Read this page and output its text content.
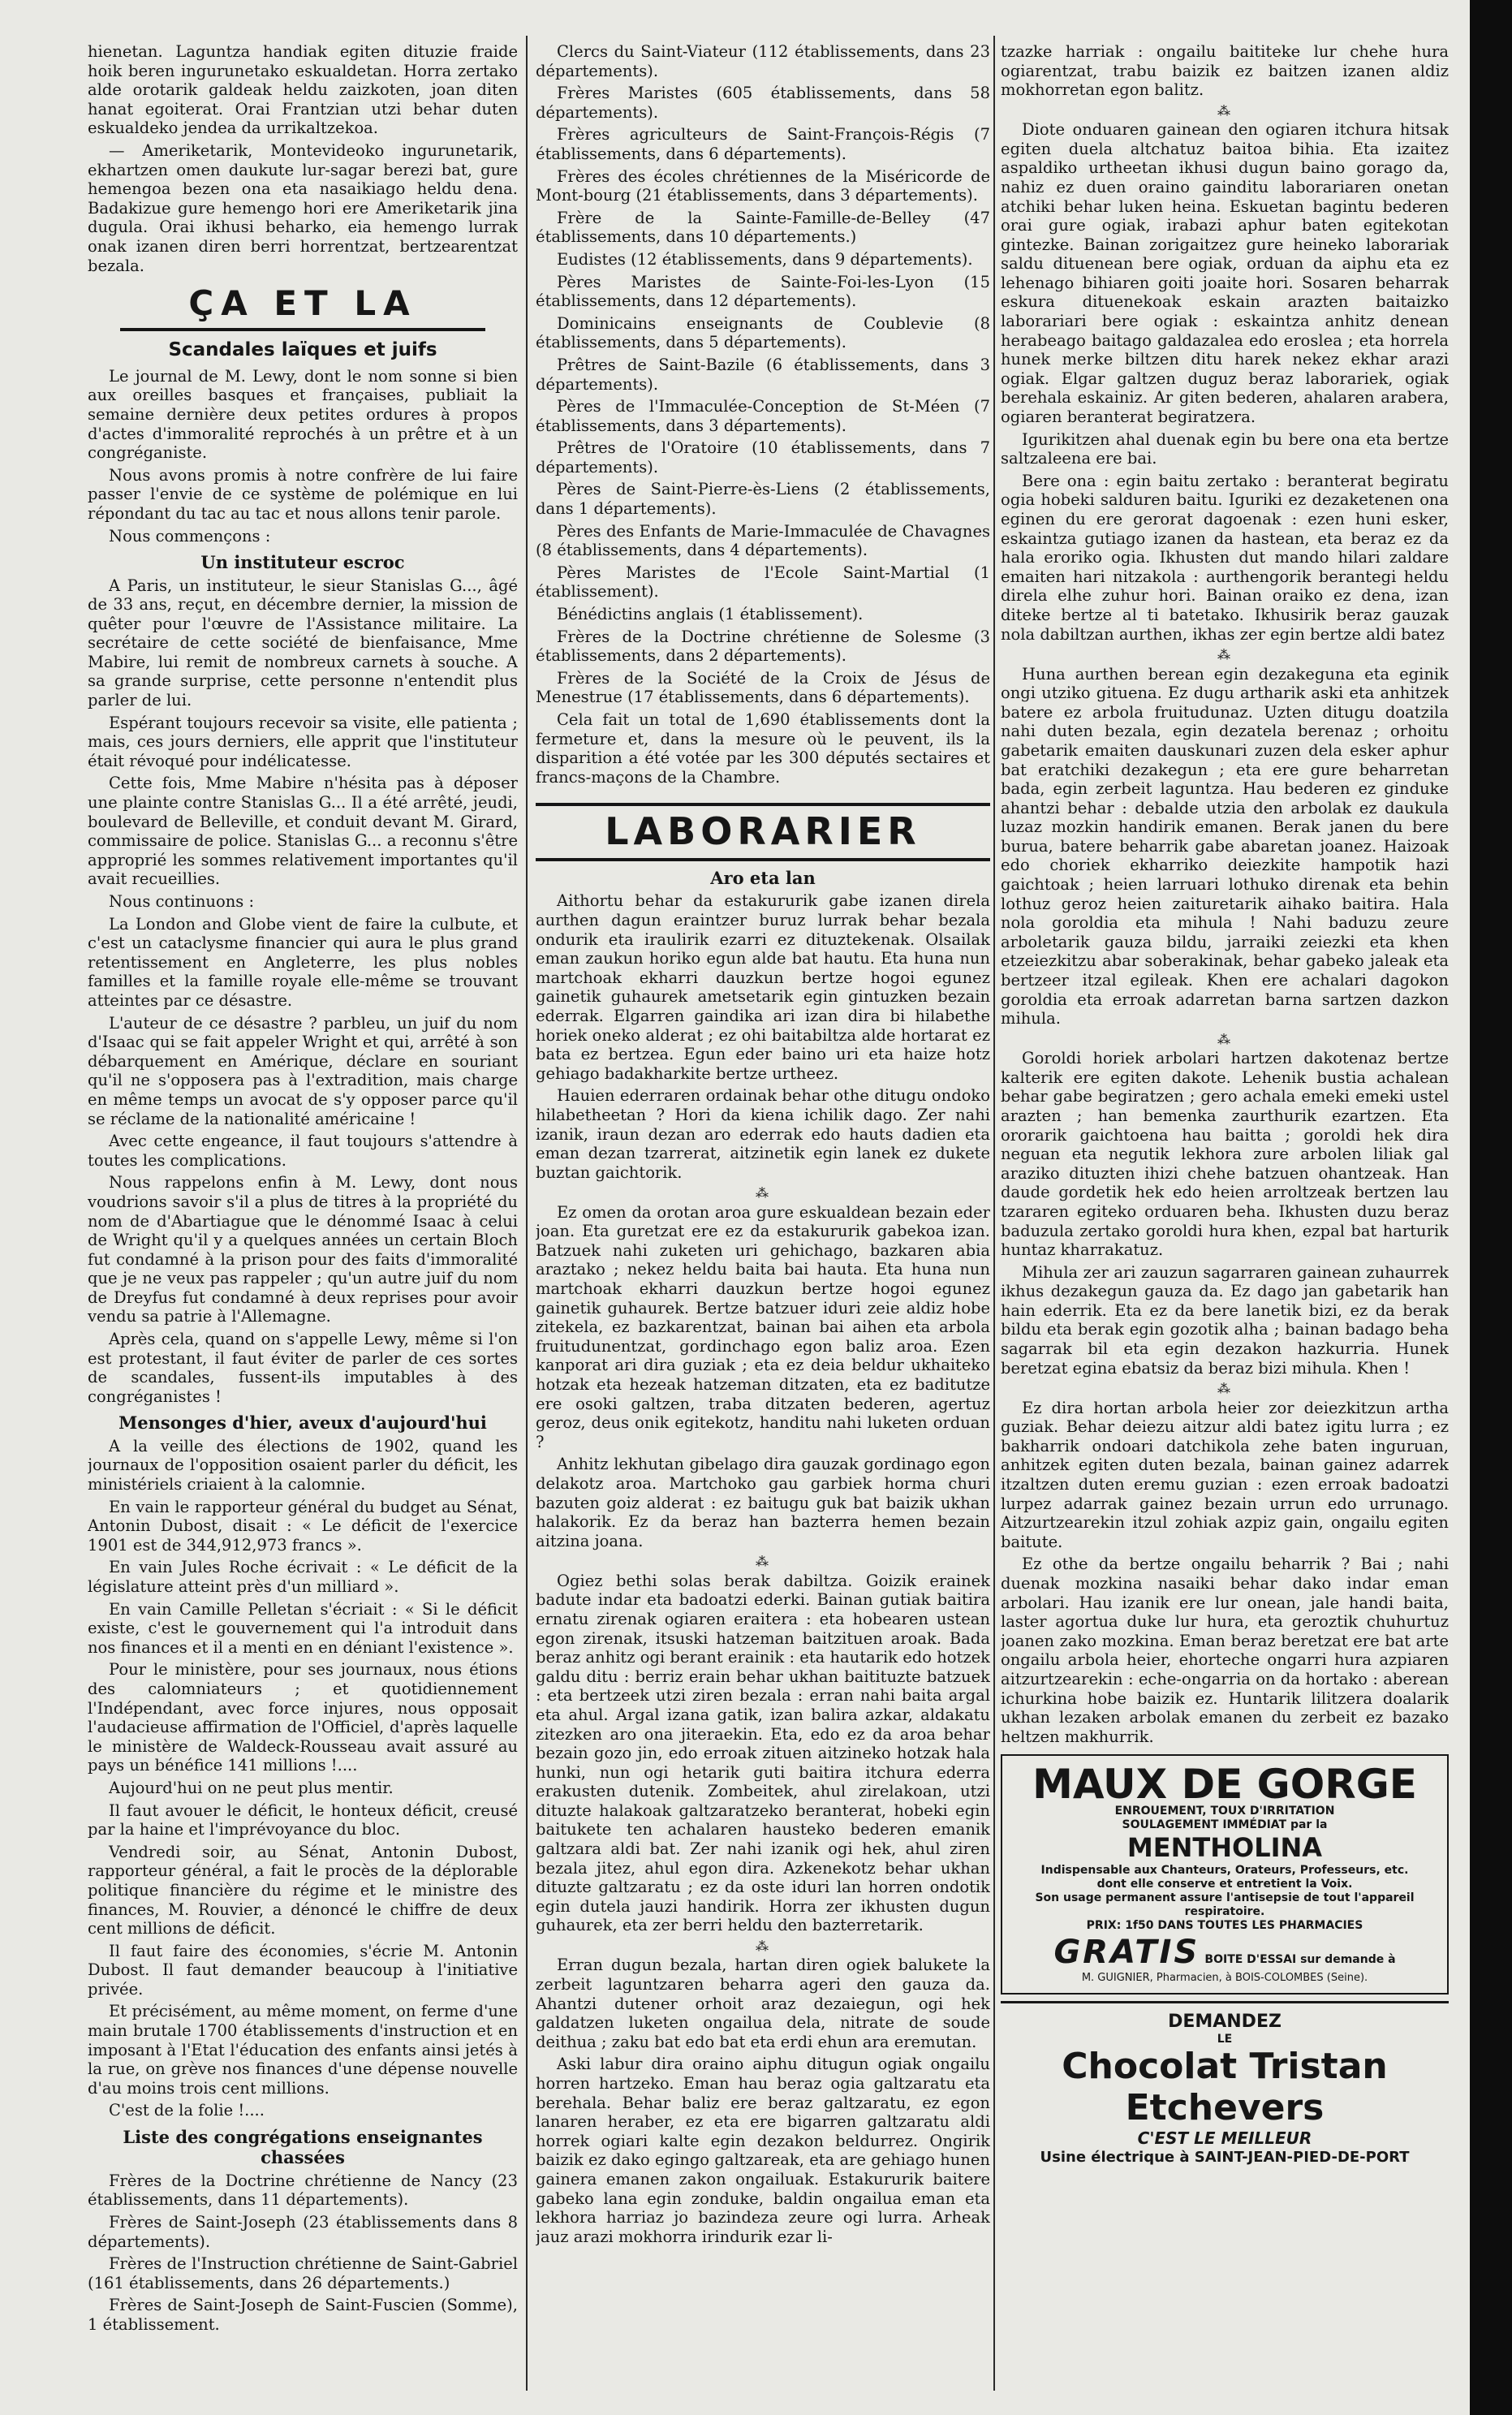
hienetan. Laguntza handiak egiten dituzie fraide hoik beren ingurunetako eskualdetan. Horra zertako alde orotarik galdeak heldu zaizkoten, joan diten hanat egoiterat. Orai Frantzian utzi behar duten eskualdeko jendea da urrikaltzekoa.

— Ameriketarik, Montevideoko ingurunetarik, ekhartzen omen daukute lur-sagar berezi bat, gure hemengoa bezen ona eta nasaikiago heldu dena. Badakizue gure hemengo hori ere Ameriketarik jina dugula. Orai ikhusi beharko, eia hemengo lurrak onak izanen diren berri horrentzat, bertzearentzat bezala.

ÇA ET LA
Scandales laïques et juifs

Le journal de M. Lewy, dont le nom sonne si bien aux oreilles basques et françaises, publiait la semaine dernière deux petites ordures à propos d'actes d'immoralité reprochés à un prêtre et à un congréganiste.

Nous avons promis à notre confrère de lui faire passer l'envie de ce système de polémique en lui répondant du tac au tac et nous allons tenir parole.

Nous commençons :

Un instituteur escroc

A Paris, un instituteur, le sieur Stanislas G..., âgé de 33 ans, reçut, en décembre dernier, la mission de quêter pour l'œuvre de l'Assistance militaire. La secrétaire de cette société de bienfaisance, Mme Mabire, lui remit de nombreux carnets à souche. A sa grande surprise, cette personne n'entendit plus parler de lui.

Espérant toujours recevoir sa visite, elle patienta ; mais, ces jours derniers, elle apprit que l'instituteur était révoqué pour indélicatesse.

Cette fois, Mme Mabire n'hésita pas à déposer une plainte contre Stanislas G... Il a été arrêté, jeudi, boulevard de Belleville, et conduit devant M. Girard, commissaire de police. Stanislas G... a reconnu s'être approprié les sommes relativement importantes qu'il avait recueillies.

Nous continuons :

La London and Globe vient de faire la culbute, et c'est un cataclysme financier qui aura le plus grand retentissement en Angleterre, les plus nobles familles et la famille royale elle-même se trouvant atteintes par ce désastre.

L'auteur de ce désastre ? parbleu, un juif du nom d'Isaac qui se fait appeler Wright et qui, arrêté à son débarquement en Amérique, déclare en souriant qu'il ne s'opposera pas à l'extradition, mais charge en même temps un avocat de s'y opposer parce qu'il se réclame de la nationalité américaine !

Avec cette engeance, il faut toujours s'attendre à toutes les complications.

Nous rappelons enfin à M. Lewy, dont nous voudrions savoir s'il a plus de titres à la propriété du nom de d'Abartiague que le dénommé Isaac à celui de Wright qu'il y a quelques années un certain Bloch fut condamné à la prison pour des faits d'immoralité que je ne veux pas rappeler ; qu'un autre juif du nom de Dreyfus fut condamné à deux reprises pour avoir vendu sa patrie à l'Allemagne.

Après cela, quand on s'appelle Lewy, même si l'on est protestant, il faut éviter de parler de ces sortes de scandales, fussent-ils imputables à des congréganistes !

Mensonges d'hier, aveux d'aujourd'hui

A la veille des élections de 1902, quand les journaux de l'opposition osaient parler du déficit, les ministériels criaient à la calomnie.

En vain le rapporteur général du budget au Sénat, Antonin Dubost, disait : « Le déficit de l'exercice 1901 est de 344,912,973 francs ».

En vain Jules Roche écrivait : « Le déficit de la législature atteint près d'un milliard ».

En vain Camille Pelletan s'écriait : « Si le déficit existe, c'est le gouvernement qui l'a introduit dans nos finances et il a menti en en déniant l'existence ».

Pour le ministère, pour ses journaux, nous étions des calomniateurs ; et quotidiennement l'Indépendant, avec force injures, nous opposait l'audacieuse affirmation de l'Officiel, d'après laquelle le ministère de Waldeck-Rousseau avait assuré au pays un bénéfice 141 millions !....

Aujourd'hui on ne peut plus mentir.

Il faut avouer le déficit, le honteux déficit, creusé par la haine et l'imprévoyance du bloc.

Vendredi soir, au Sénat, Antonin Dubost, rapporteur général, a fait le procès de la déplorable politique financière du régime et le ministre des finances, M. Rouvier, a dénoncé le chiffre de deux cent millions de déficit.

Il faut faire des économies, s'écrie M. Antonin Dubost. Il faut demander beaucoup à l'initiative privée.

Et précisément, au même moment, on ferme d'une main brutale 1700 établissements d'instruction et en imposant à l'Etat l'éducation des enfants ainsi jetés à la rue, on grève nos finances d'une dépense nouvelle d'au moins trois cent millions.

C'est de la folie !....

Liste des congrégations enseignantes chassées

Frères de la Doctrine chrétienne de Nancy (23 établissements, dans 11 départements).

Frères de Saint-Joseph (23 établissements dans 8 départements).

Frères de l'Instruction chrétienne de Saint-Gabriel (161 établissements, dans 26 départements.)

Frères de Saint-Joseph de Saint-Fuscien (Somme), 1 établissement.

Clercs du Saint-Viateur (112 établissements, dans 23 départements).

Frères Maristes (605 établissements, dans 58 départements).

Frères agriculteurs de Saint-François-Régis (7 établissements, dans 6 départements).

Frères des écoles chrétiennes de la Miséricorde de Mont-bourg (21 établissements, dans 3 départements).

Frère de la Sainte-Famille-de-Belley (47 établissements, dans 10 départements.)

Eudistes (12 établissements, dans 9 départements).

Pères Maristes de Sainte-Foi-les-Lyon (15 établissements, dans 12 départements).

Dominicains enseignants de Coublevie (8 établissements, dans 5 départements).

Prêtres de Saint-Bazile (6 établissements, dans 3 départements).

Pères de l'Immaculée-Conception de St-Méen (7 établissements, dans 3 départements).

Prêtres de l'Oratoire (10 établissements, dans 7 départements).

Pères de Saint-Pierre-ès-Liens (2 établissements, dans 1 départements).

Pères des Enfants de Marie-Immaculée de Chavagnes (8 établissements, dans 4 départements).

Pères Maristes de l'Ecole Saint-Martial (1 établissement).

Bénédictins anglais (1 établissement).

Frères de la Doctrine chrétienne de Solesme (3 établissements, dans 2 départements).

Frères de la Société de la Croix de Jésus de Menestrue (17 établissements, dans 6 départements).

Cela fait un total de 1,690 établissements dont la fermeture et, dans la mesure où le peuvent, ils la disparition a été votée par les 300 députés sectaires et francs-maçons de la Chambre.

LABORARIER
Aro eta lan

Aithortu behar da estakururik gabe izanen direla aurthen dagun eraintzer buruz lurrak behar bezala ondurik eta iraulirik ezarri ez dituztekenak. Olsailak eman zaukun horiko egun alde bat hautu. Eta huna nun martchoak ekharri dauzkun bertze hogoi egunez gainetik guhaurek ametsetarik egin gintuzken bezain ederrak. Elgarren gaindika ari izan dira bi hilabethe horiek oneko alderat ; ez ohi baitabiltza alde hortarat ez bata ez bertzea. Egun eder baino uri eta haize hotz gehiago badakharkite bertze urtheez.

Hauien ederraren ordainak behar othe ditugu ondoko hilabetheetan ? Hori da kiena ichilik dago. Zer nahi izanik, iraun dezan aro ederrak edo hauts dadien eta eman dezan tzarrerat, aitzinetik egin lanek ez dukete buztan gaichtorik.

⁂

Ez omen da orotan aroa gure eskualdean bezain eder joan. Eta guretzat ere ez da estakururik gabekoa izan. Batzuek nahi zuketen uri gehichago, bazkaren abia araztako ; nekez heldu baita bai hauta. Eta huna nun martchoak ekharri dauzkun bertze hogoi egunez gainetik guhaurek. Bertze batzuer iduri zeie aldiz hobe zitekela, ez bazkarentzat, bainan bai aihen eta arbola fruitudunentzat, gordinchago egon baliz aroa. Ezen kanporat ari dira guziak ; eta ez deia beldur ukhaiteko hotzak eta hezeak hatzeman ditzaten, eta ez baditutze ere osoki galtzen, traba ditzaten bederen, agertuz geroz, deus onik egitekotz, handitu nahi luketen orduan ?

Anhitz lekhutan gibelago dira gauzak gordinago egon delakotz aroa. Martchoko gau garbiek horma churi bazuten goiz alderat : ez baitugu guk bat baizik ukhan halakorik. Ez da beraz han bazterra hemen bezain aitzina joana.

⁂

Ogiez bethi solas berak dabiltza. Goizik erainek badute indar eta badoatzi ederki. Bainan gutiak baitira ernatu zirenak ogiaren eraitera : eta hobearen ustean egon zirenak, itsuski hatzeman baitzituen aroak. Bada beraz anhitz ogi berant erainik : eta hautarik edo hotzek galdu ditu : berriz erain behar ukhan baitituzte batzuek : eta bertzeek utzi ziren bezala : erran nahi baita argal eta ahul. Argal izana gatik, izan balira azkar, aldakatu zitezken aro ona jiteraekin. Eta, edo ez da aroa behar bezain gozo jin, edo erroak zituen aitzineko hotzak hala hunki, nun ogi hetarik guti baitira itchura ederra erakusten dutenik. Zombeitek, ahul zirelakoan, utzi dituzte halakoak galtzaratzeko beranterat, hobeki egin baitukete ten achalaren hausteko bederen emanik galtzara aldi bat. Zer nahi izanik ogi hek, ahul ziren bezala jitez, ahul egon dira. Azkenekotz behar ukhan dituzte galtzaratu ; ez da oste iduri lan horren ondotik egin dutela jauzi handirik. Horra zer ikhusten dugun guhaurek, eta zer berri heldu den bazterretarik.

⁂

Erran dugun bezala, hartan diren ogiek balukete la zerbeit laguntzaren beharra ageri den gauza da. Ahantzi dutener orhoit araz dezaiegun, ogi hek galdatzen luketen ongailua dela, nitrate de soude deithua ; zaku bat edo bat eta erdi ehun ara eremutan.

Aski labur dira oraino aiphu ditugun ogiak ongailu horren hartzeko. Eman hau beraz ogia galtzaratu eta berehala. Behar baliz ere beraz galtzaratu, ez egon lanaren heraber, ez eta ere bigarren galtzaratu aldi horrek ogiari kalte egin dezakon beldurrez. Ongirik baizik ez dako egingo galtzareak, eta are gehiago hunen gainera emanen zakon ongailuak. Estakururik baitere gabeko lana egin zonduke, baldin ongailua eman eta lekhora harriaz jo bazindeza zeure ogi lurra. Arheak jauz arazi mokhorra irindurik ezar li-

tzazke harriak : ongailu baititeke lur chehe hura ogiarentzat, trabu baizik ez baitzen izanen aldiz mokhorretan egon balitz.

⁂

Diote onduaren gainean den ogiaren itchura hitsak egiten duela altchatuz baitoa bihia. Eta izaitez aspaldiko urtheetan ikhusi dugun baino gorago da, nahiz ez duen oraino gainditu laborariaren onetan atchiki behar luken heina. Eskuetan bagintu bederen orai gure ogiak, irabazi aphur baten egitekotan gintezke. Bainan zorigaitzez gure heineko laborariak saldu dituenean bere ogiak, orduan da aiphu eta ez lehenago bihiaren goiti joaite hori. Sosaren beharrak eskura dituenekoak eskain arazten baitaizko laborariari bere ogiak : eskaintza anhitz denean herabeago baitago galdazalea edo eroslea ; eta horrela hunek merke biltzen ditu harek nekez ekhar arazi ogiak. Elgar galtzen duguz beraz laborariek, ogiak berehala eskainiz. Ar giten bederen, ahalaren arabera, ogiaren beranterat begiratzera.

Igurikitzen ahal duenak egin bu bere ona eta bertze saltzaleena ere bai.

Bere ona : egin baitu zertako : beranterat begiratu ogia hobeki salduren baitu. Iguriki ez dezaketenen ona eginen du ere gerorat dagoenak : ezen huni esker, eskaintza gutiago izanen da hastean, eta beraz ez da hala eroriko ogia. Ikhusten dut mando hilari zaldare emaiten hari nitzakola : aurthengorik berantegi heldu direla elhe zuhur hori. Bainan oraiko ez dena, izan diteke bertze al ti batetako. Ikhusirik beraz gauzak nola dabiltzan aurthen, ikhas zer egin bertze aldi batez

⁂

Huna aurthen berean egin dezakeguna eta eginik ongi utziko gituena. Ez dugu artharik aski eta anhitzek batere ez arbola fruitudunaz. Uzten ditugu doatzila nahi duten bezala, egin dezatela berenaz ; orhoitu gabetarik emaiten dauskunari zuzen dela esker aphur bat eratchiki dezakegun ; eta ere gure beharretan bada, egin zerbeit laguntza. Hau bederen ez ginduke ahantzi behar : debalde utzia den arbolak ez daukula luzaz mozkin handirik emanen. Berak janen du bere burua, batere beharrik gabe abaretan joanez. Haizoak edo choriek ekharriko deiezkite hampotik hazi gaichtoak ; heien larruari lothuko direnak eta behin lothuz geroz heien zaituretarik aihako baitira. Hala nola goroldia eta mihula ! Nahi baduzu zeure arboletarik gauza bildu, jarraiki zeiezki eta khen etzeiezkitzu abar soberakinak, behar gabeko jaleak eta bertzeer itzal egileak. Khen ere achalari dagokon goroldia eta erroak adarretan barna sartzen dazkon mihula.

⁂

Goroldi horiek arbolari hartzen dakotenaz bertze kalterik ere egiten dakote. Lehenik bustia achalean behar gabe begiratzen ; gero achala emeki emeki ustel arazten ; han bemenka zaurthurik ezartzen. Eta ororarik gaichtoena hau baitta ; goroldi hek dira neguan eta negutik lekhora zure arbolen liliak gal araziko dituzten ihizi chehe batzuen ohantzeak. Han daude gordetik hek edo heien arroltzeak bertzen lau tzararen egiteko orduaren beha. Ikhusten duzu beraz baduzula zertako goroldi hura khen, ezpal bat harturik huntaz kharrakatuz.

Mihula zer ari zauzun sagarraren gainean zuhaurrek ikhus dezakegun gauza da. Ez dago jan gabetarik han hain ederrik. Eta ez da bere lanetik bizi, ez da berak bildu eta berak egin gozotik alha ; bainan badago beha sagarrak bil eta egin dezakon hazkurria. Hunek beretzat egina ebatsiz da beraz bizi mihula. Khen !

⁂

Ez dira hortan arbola heier zor deiezkitzun artha guziak. Behar deiezu aitzur aldi batez igitu lurra ; ez bakharrik ondoari datchikola zehe baten inguruan, anhitzek egiten duten bezala, bainan gainez adarrek itzaltzen duten eremu guzian : ezen erroak badoatzi lurpez adarrak gainez bezain urrun edo urrunago. Aitzurtzearekin itzul zohiak azpiz gain, ongailu egiten baitute.

Ez othe da bertze ongailu beharrik ? Bai ; nahi duenak mozkina nasaiki behar dako indar eman arbolari. Hau izanik ere lur onean, jale handi baita, laster agortua duke lur hura, eta geroztik chuhurtuz joanen zako mozkina. Eman beraz beretzat ere bat arte ongailu arbola heier, ehorteche ongarri hura azpiaren aitzurtzearekin : eche-ongarria on da hortako : aberean ichurkina hobe baizik ez. Huntarik lilitzera doalarik ukhan lezaken arbolak emanen du zerbeit ez bazako heltzen makhurrik.

MAUX DE GORGE
ENROUEMENT, TOUX D'IRRITATION
SOULAGEMENT IMMÉDIAT par la
MENTHOLINA
Indispensable aux Chanteurs, Orateurs, Professeurs, etc.
dont elle conserve et entretient la Voix.
Son usage permanent assure l'antisepsie de tout l'appareil respiratoire.
PRIX: 1f50 DANS TOUTES LES PHARMACIES
GRATIS BOITE D'ESSAI sur demande à
M. GUIGNIER, Pharmacien, à BOIS-COLOMBES (Seine).
DEMANDEZ
LE
Chocolat Tristan Etchevers
C'EST LE MEILLEUR
Usine électrique à SAINT-JEAN-PIED-DE-PORT
